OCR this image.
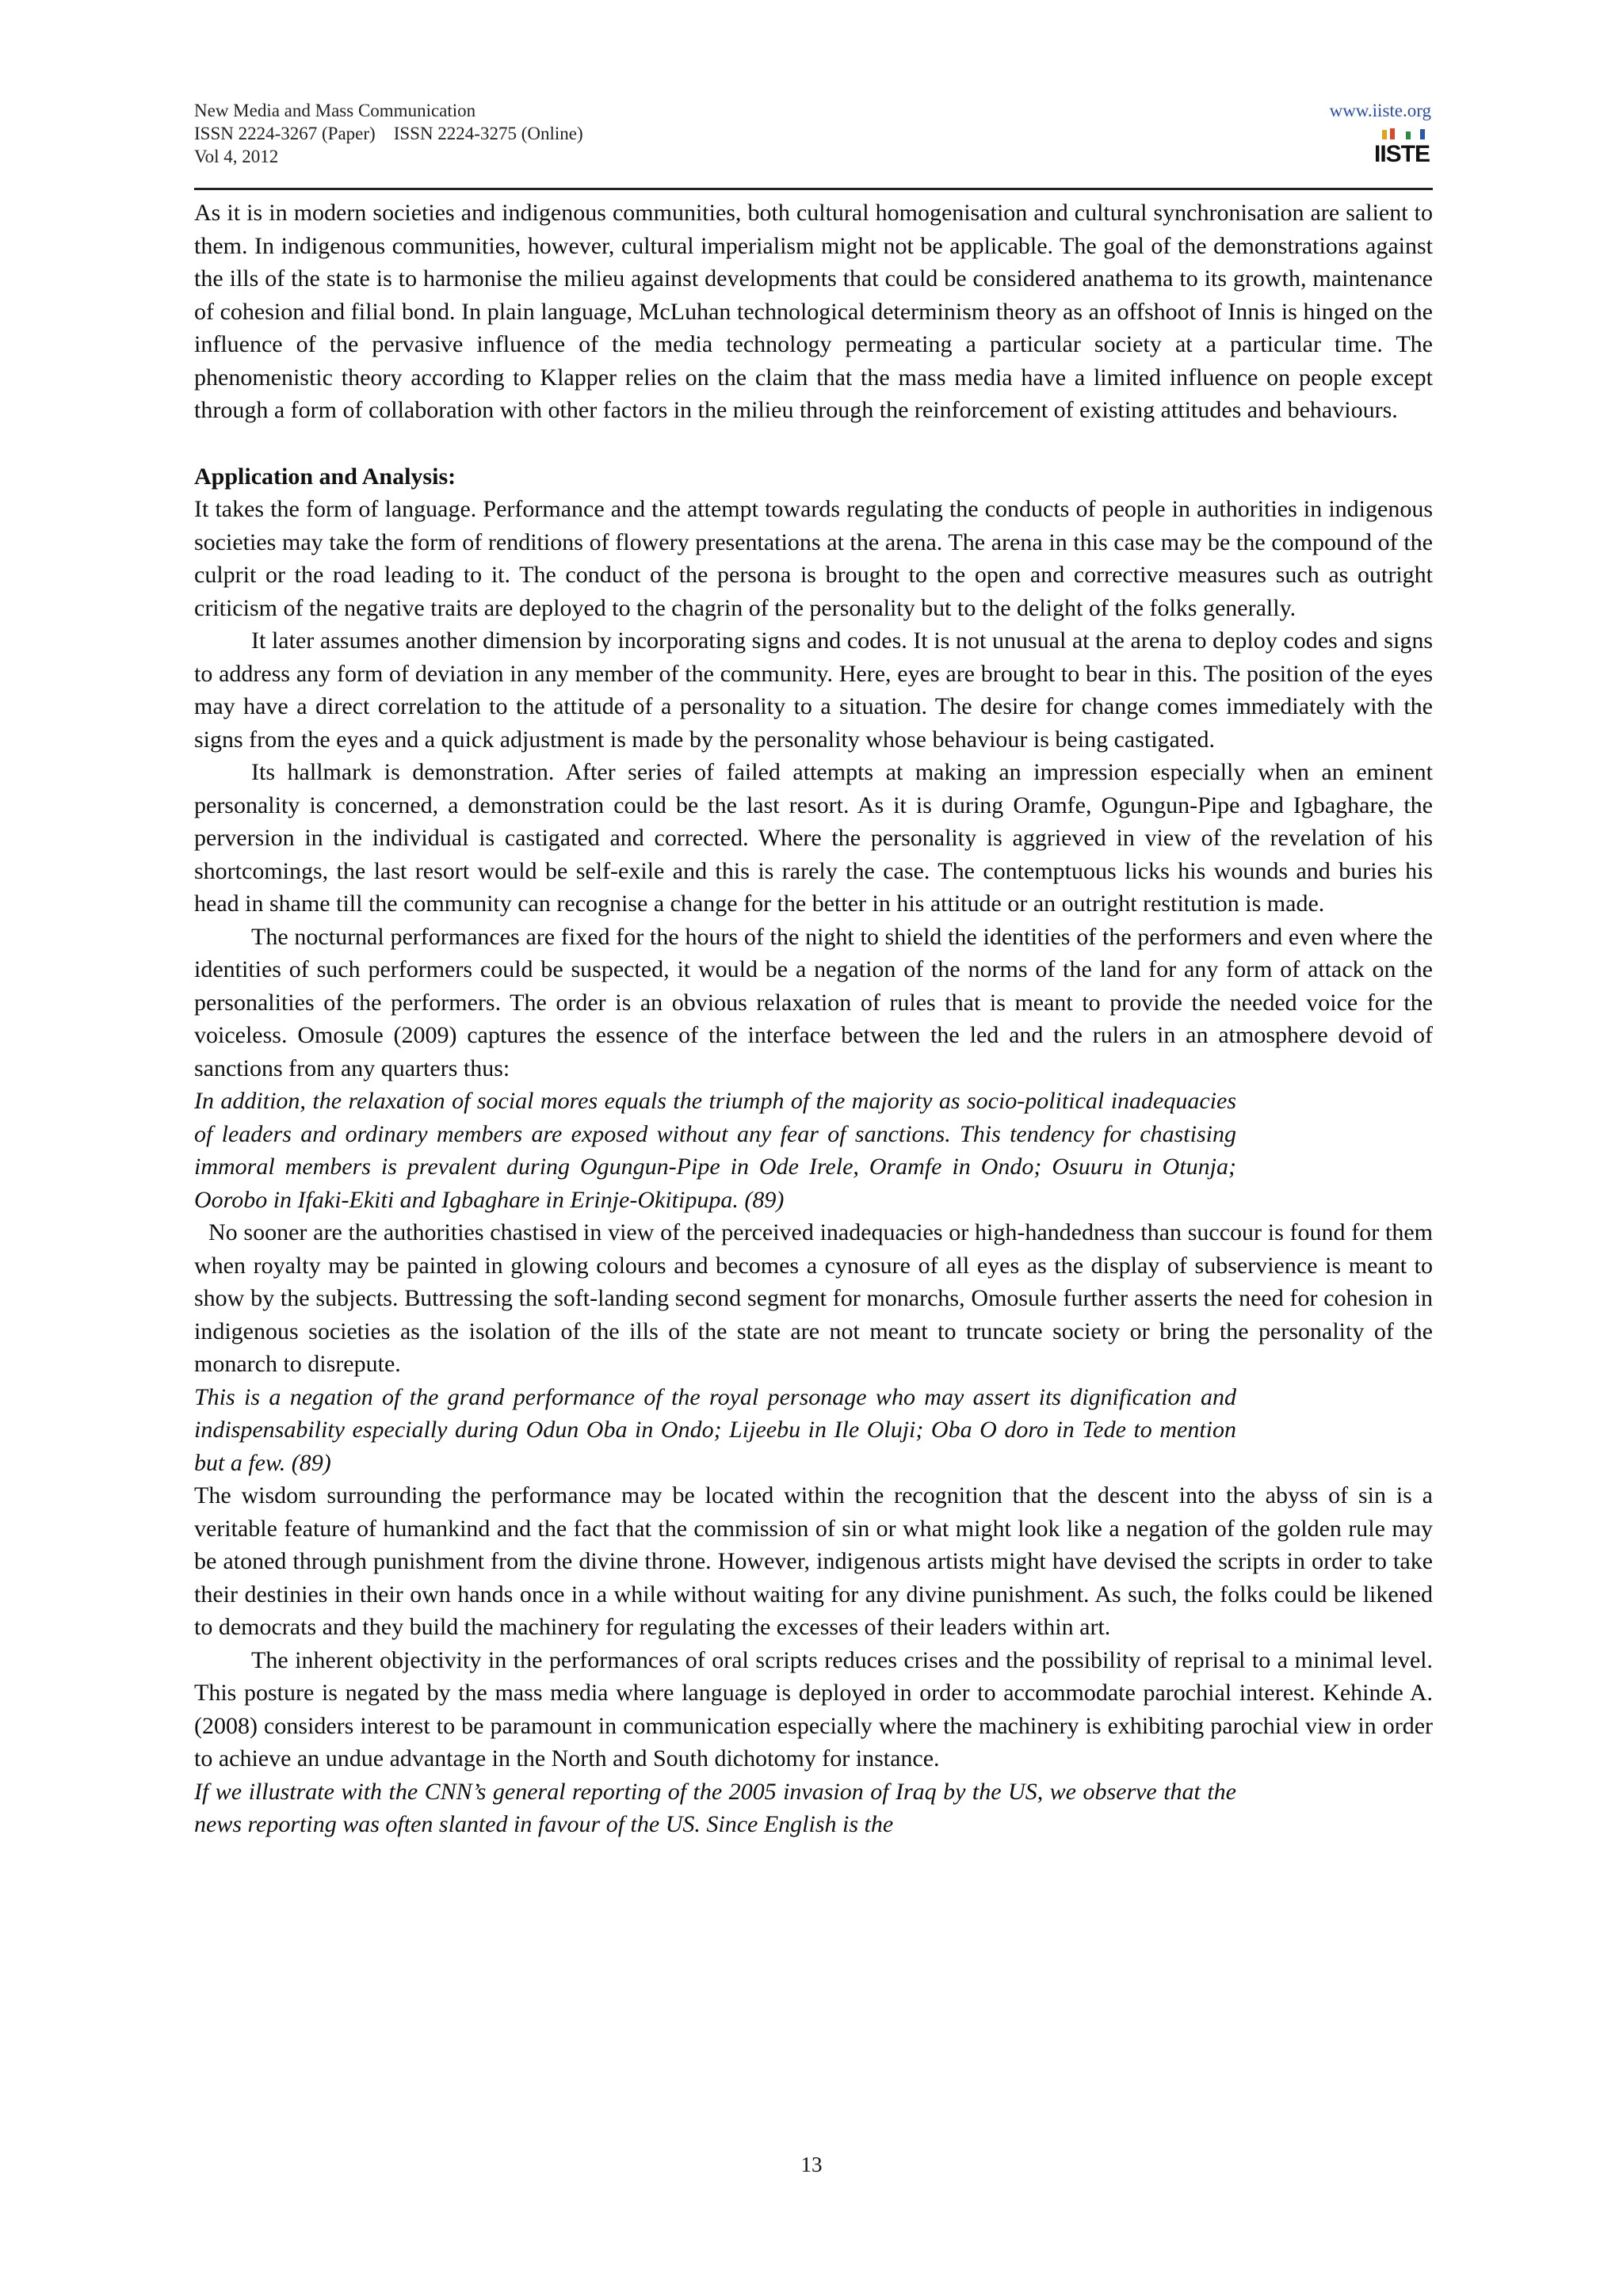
New Media and Mass Communication
ISSN 2224-3267 (Paper)    ISSN 2224-3275 (Online)
Vol 4, 2012
www.iiste.org
IISTE

As it is in modern societies and indigenous communities, both cultural homogenisation and cultural synchronisation are salient to them. In indigenous communities, however, cultural imperialism might not be applicable. The goal of the demonstrations against the ills of the state is to harmonise the milieu against developments that could be considered anathema to its growth, maintenance of cohesion and filial bond. In plain language, McLuhan technological determinism theory as an offshoot of Innis is hinged on the influence of the pervasive influence of the media technology permeating a particular society at a particular time. The phenomenistic theory according to Klapper relies on the claim that the mass media have a limited influence on people except through a form of collaboration with other factors in the milieu through the reinforcement of existing attitudes and behaviours.

Application and Analysis:

It takes the form of language. Performance and the attempt towards regulating the conducts of people in authorities in indigenous societies may take the form of renditions of flowery presentations at the arena. The arena in this case may be the compound of the culprit or the road leading to it. The conduct of the persona is brought to the open and corrective measures such as outright criticism of the negative traits are deployed to the chagrin of the personality but to the delight of the folks generally.

It later assumes another dimension by incorporating signs and codes. It is not unusual at the arena to deploy codes and signs to address any form of deviation in any member of the community. Here, eyes are brought to bear in this. The position of the eyes may have a direct correlation to the attitude of a personality to a situation. The desire for change comes immediately with the signs from the eyes and a quick adjustment is made by the personality whose behaviour is being castigated.

Its hallmark is demonstration. After series of failed attempts at making an impression especially when an eminent personality is concerned, a demonstration could be the last resort. As it is during Oramfe, Ogungun-Pipe and Igbaghare, the perversion in the individual is castigated and corrected. Where the personality is aggrieved in view of the revelation of his shortcomings, the last resort would be self-exile and this is rarely the case. The contemptuous licks his wounds and buries his head in shame till the community can recognise a change for the better in his attitude or an outright restitution is made.

The nocturnal performances are fixed for the hours of the night to shield the identities of the performers and even where the identities of such performers could be suspected, it would be a negation of the norms of the land for any form of attack on the personalities of the performers. The order is an obvious relaxation of rules that is meant to provide the needed voice for the voiceless. Omosule (2009) captures the essence of the interface between the led and the rulers in an atmosphere devoid of sanctions from any quarters thus:

In addition, the relaxation of social mores equals the triumph of the majority as socio-political inadequacies of leaders and ordinary members are exposed without any fear of sanctions. This tendency for chastising immoral members is prevalent during Ogungun-Pipe in Ode Irele, Oramfe in Ondo; Osuuru in Otunja; Oorobo in Ifaki-Ekiti and Igbaghare in Erinje-Okitipupa. (89)

No sooner are the authorities chastised in view of the perceived inadequacies or high-handedness than succour is found for them when royalty may be painted in glowing colours and becomes a cynosure of all eyes as the display of subservience is meant to show by the subjects. Buttressing the soft-landing second segment for monarchs, Omosule further asserts the need for cohesion in indigenous societies as the isolation of the ills of the state are not meant to truncate society or bring the personality of the monarch to disrepute.

This is a negation of the grand performance of the royal personage who may assert its dignification and indispensability especially during Odun Oba in Ondo; Lijeebu in Ile Oluji; Oba O doro in Tede to mention but a few. (89)

The wisdom surrounding the performance may be located within the recognition that the descent into the abyss of sin is a veritable feature of humankind and the fact that the commission of sin or what might look like a negation of the golden rule may be atoned through punishment from the divine throne. However, indigenous artists might have devised the scripts in order to take their destinies in their own hands once in a while without waiting for any divine punishment. As such, the folks could be likened to democrats and they build the machinery for regulating the excesses of their leaders within art.

The inherent objectivity in the performances of oral scripts reduces crises and the possibility of reprisal to a minimal level. This posture is negated by the mass media where language is deployed in order to accommodate parochial interest. Kehinde A. (2008) considers interest to be paramount in communication especially where the machinery is exhibiting parochial view in order to achieve an undue advantage in the North and South dichotomy for instance.

If we illustrate with the CNN’s general reporting of the 2005 invasion of Iraq by the US, we observe that the news reporting was often slanted in favour of the US. Since English is the

13
